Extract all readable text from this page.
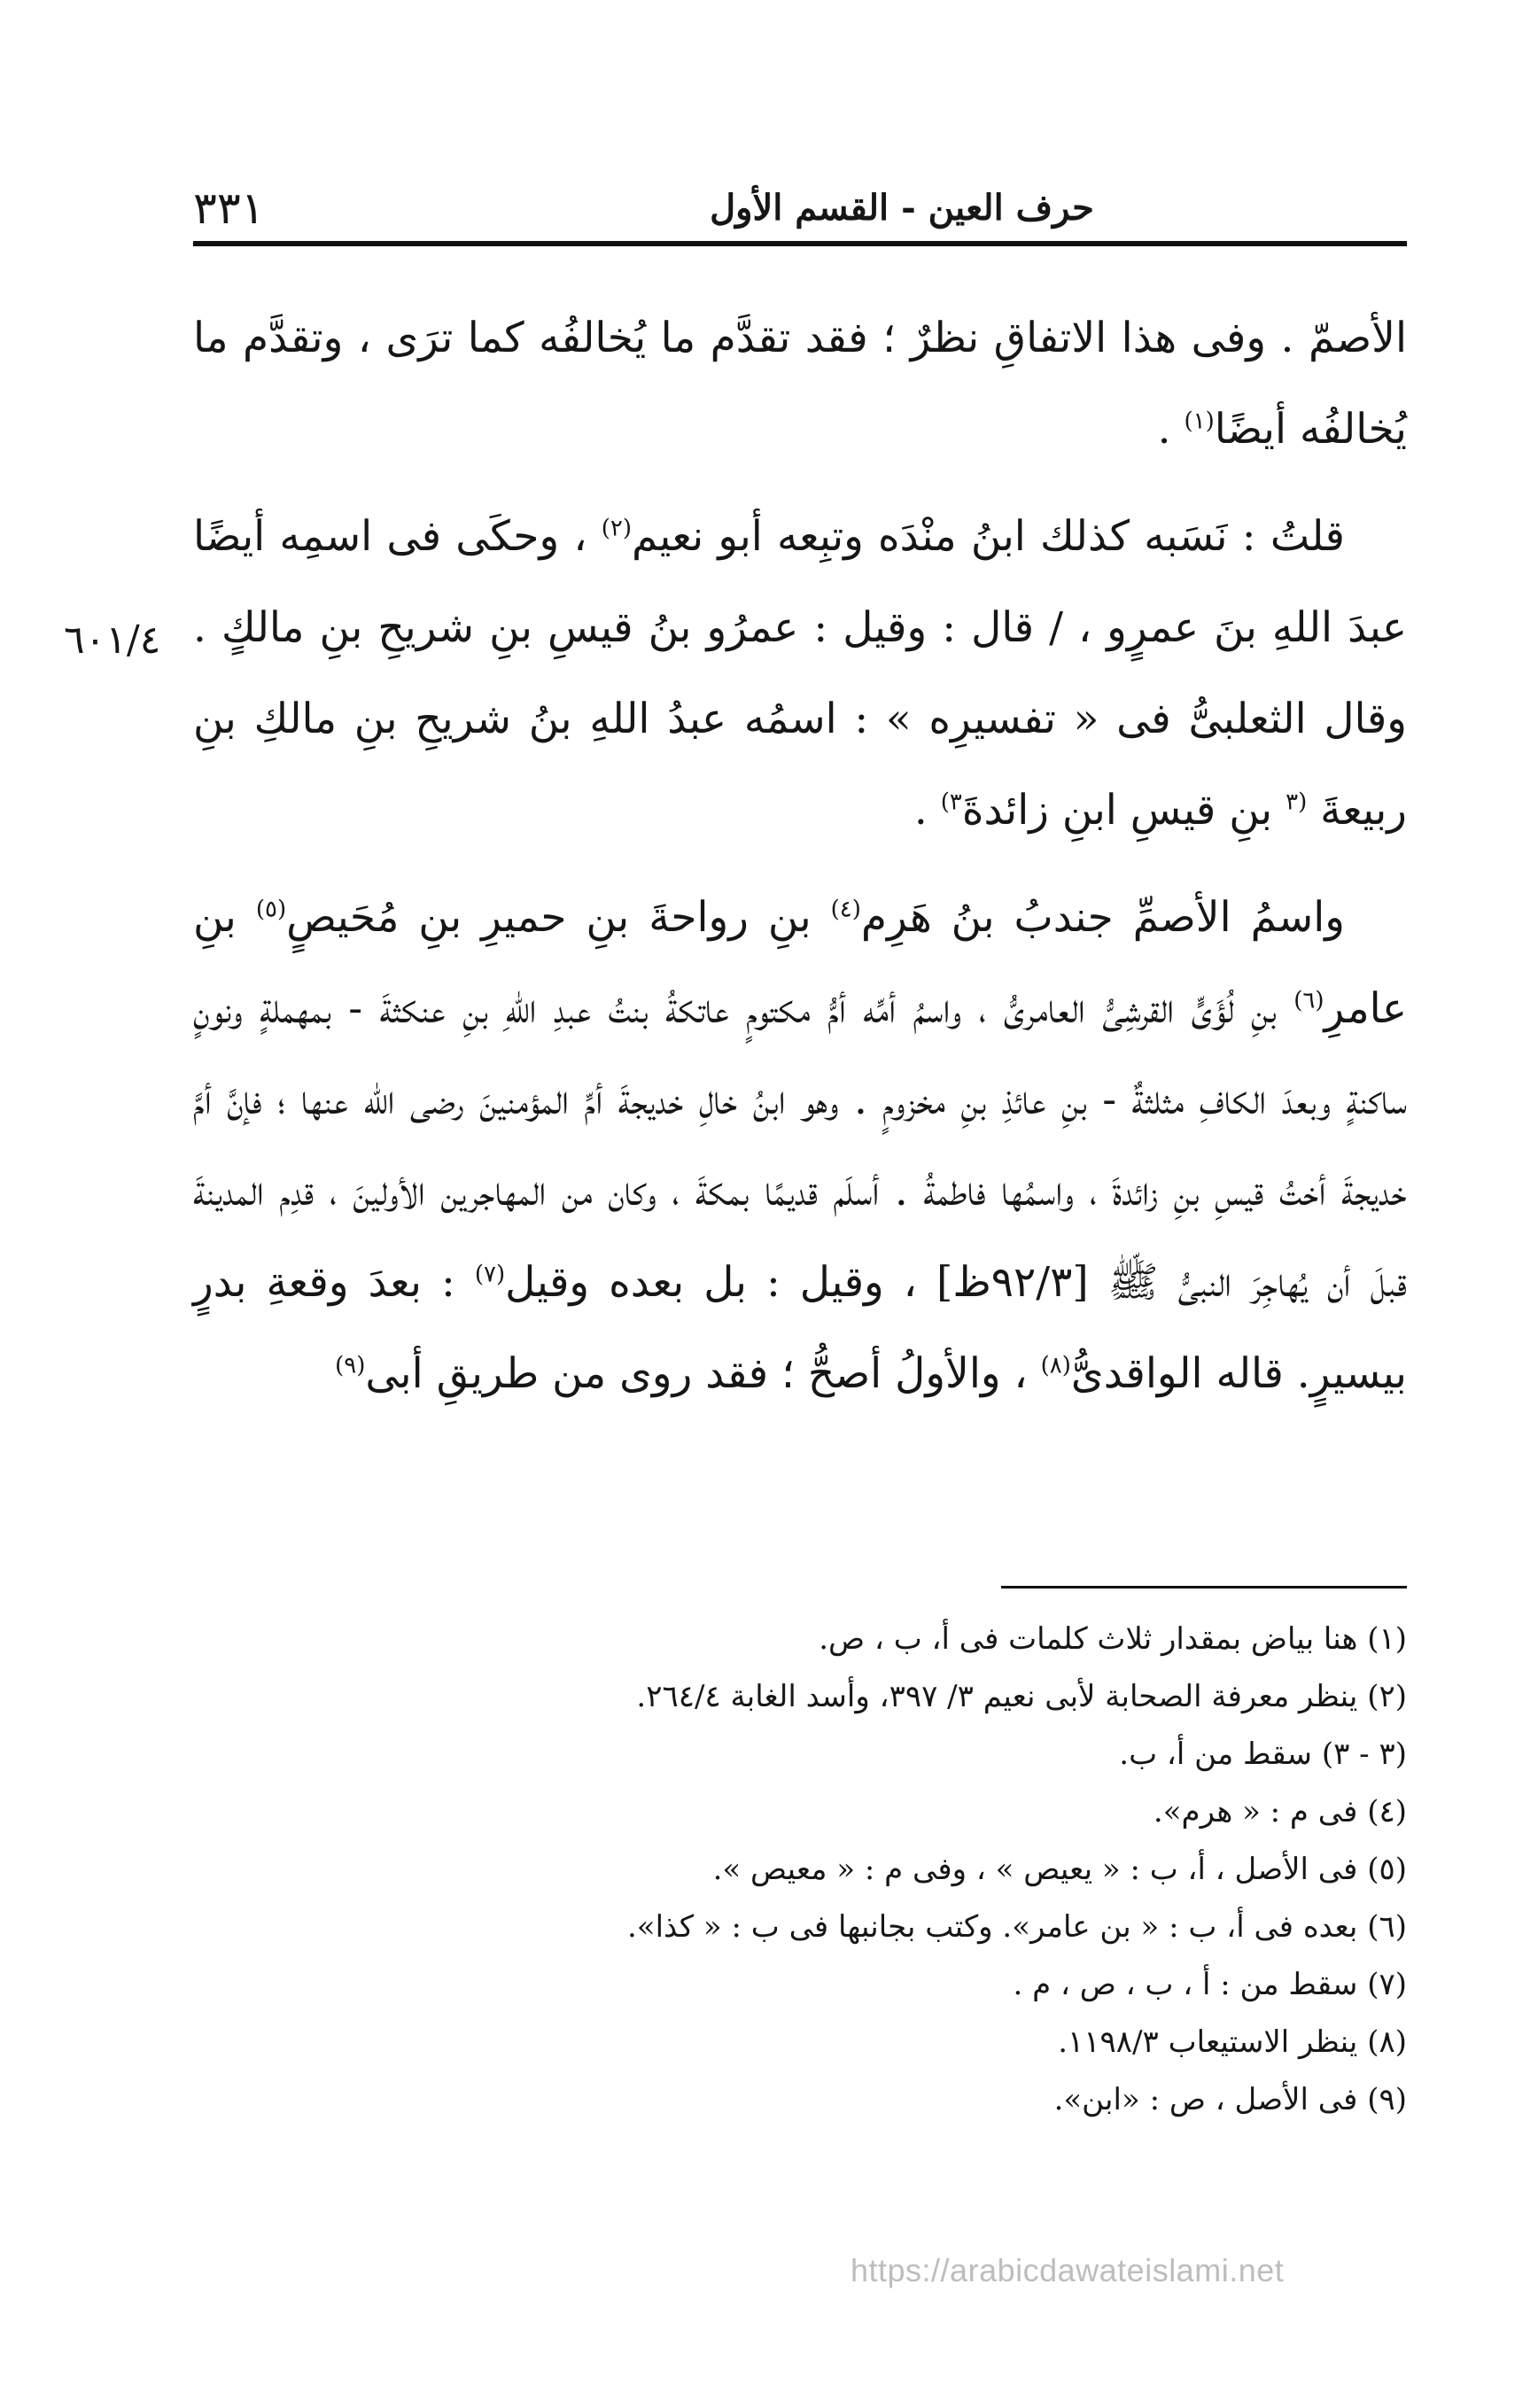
٣٣١	حرف العين - القسم الأول
٦٠١/٤

الأصمّ . وفى هذا الاتفاقِ نظرٌ ؛ فقد تقدَّم ما يُخالفُه كما ترَى ، وتقدَّم ما يُخالفُه أيضًا$^{(١)}$ .

قلتُ : نَسَبه كذلك ابنُ منْدَه وتبِعه أبو نعيم$^{(٢)}$ ، وحكَى فى اسمِه أيضًا عبدَ اللهِ بنَ عمرٍو ، / قال : وقيل : عمرُو بنُ قيسِ بنِ شريحِ بنِ مالكٍ . وقال الثعلبىُّ فى « تفسيرِه » : اسمُه عبدُ اللهِ بنُ شريحِ بنِ مالكِ بنِ ربيعةَ $^{(٣}$ بنِ قيسِ ابنِ زائدةَ$^{٣)}$ .

واسمُ الأصمِّ جندبُ بنُ هَرِم$^{(٤)}$ بنِ رواحةَ بنِ حميرِ بنِ مُحَيصٍ$^{(٥)}$ بنِ عامرِ$^{(٦)}$ بنِ لُؤَىٍّ القرشِىُّ العامرىُّ ، واسمُ أمِّه أمُّ مكتومٍ عاتكةُ بنتُ عبدِ اللهِ بنِ عنكثةَ - بمهملةٍ ونونٍ ساكنةٍ وبعدَ الكافِ مثلثةٌ - بنِ عائذِ بنِ مخزومٍ . وهو ابنُ خالِ خديجةَ أمِّ المؤمنينَ رضى الله عنها ؛ فإنَّ أمَّ خديجةَ أختُ قيسِ بنِ زائدةَ ، واسمُها فاطمةُ . أسلَم قديمًا بمكةَ ، وكان من المهاجرين الأولينَ ، قدِم المدينةَ قبلَ أن يُهاجِرَ النبىُّ ﷺ [٩٢/٣ظ] ، وقيل : بل بعده وقيل$^{(٧)}$ : بعدَ وقعةِ بدرٍ بيسيرٍ. قاله الواقدىُّ$^{(٨)}$ ، والأولُ أصحُّ ؛ فقد روى من طريقِ أبى$^{(٩)}$

(١) هنا بياض بمقدار ثلاث كلمات فى أ، ب ، ص.
(٢) ينظر معرفة الصحابة لأبى نعيم ٣/ ٣٩٧، وأسد الغابة ٢٦٤/٤.
(٣ - ٣) سقط من أ، ب.
(٤) فى م : « هرم».
(٥) فى الأصل ، أ، ب : « يعيص » ، وفى م : « معيص ».
(٦) بعده فى أ، ب : « بن عامر». وكتب بجانبها فى ب : « كذا».
(٧) سقط من : أ ، ب ، ص ، م .
(٨) ينظر الاستيعاب ١١٩٨/٣.
(٩) فى الأصل ، ص : «ابن».
https://arabicdawateislami.net
